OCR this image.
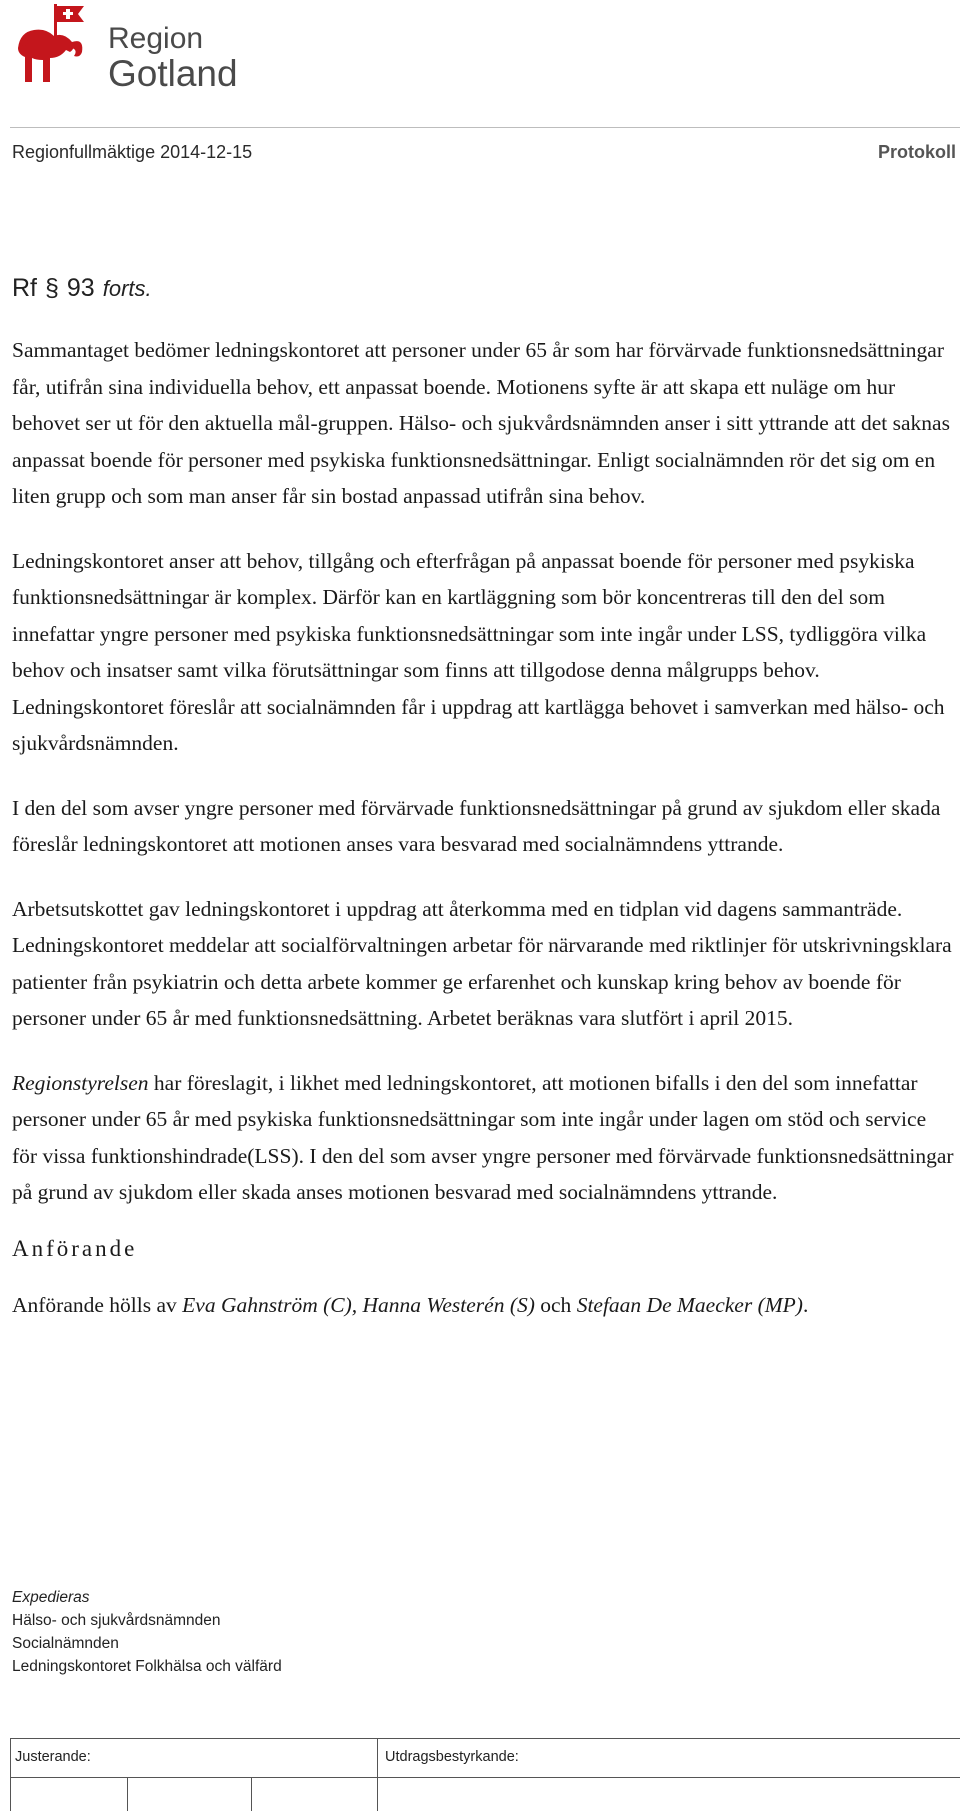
Region
Gotland
Regionfullmäktige 2014-12-15	Protokoll
Rf § 93 forts.

Sammantaget bedömer ledningskontoret att personer under 65 år som har förvärvade funktionsnedsättningar får, utifrån sina individuella behov, ett anpassat boende. Motionens syfte är att skapa ett nuläge om hur behovet ser ut för den aktuella mål-gruppen. Hälso- och sjukvårdsnämnden anser i sitt yttrande att det saknas anpassat boende för personer med psykiska funktionsnedsättningar. Enligt socialnämnden rör det sig om en liten grupp och som man anser får sin bostad anpassad utifrån sina behov.

Ledningskontoret anser att behov, tillgång och efterfrågan på anpassat boende för personer med psykiska funktionsnedsättningar är komplex. Därför kan en kartläggning som bör koncentreras till den del som innefattar yngre personer med psykiska funktionsnedsättningar som inte ingår under LSS, tydliggöra vilka behov och insatser samt vilka förutsättningar som finns att tillgodose denna målgrupps behov. Ledningskontoret föreslår att socialnämnden får i uppdrag att kartlägga behovet i samverkan med hälso- och sjukvårdsnämnden.

I den del som avser yngre personer med förvärvade funktionsnedsättningar på grund av sjukdom eller skada föreslår ledningskontoret att motionen anses vara besvarad med socialnämndens yttrande.

Arbetsutskottet gav ledningskontoret i uppdrag att återkomma med en tidplan vid dagens sammanträde. Ledningskontoret meddelar att socialförvaltningen arbetar för närvarande med riktlinjer för utskrivningsklara patienter från psykiatrin och detta arbete kommer ge erfarenhet och kunskap kring behov av boende för personer under 65 år med funktionsnedsättning. Arbetet beräknas vara slutfört i april 2015.

Regionstyrelsen har föreslagit, i likhet med ledningskontoret, att motionen bifalls i den del som innefattar personer under 65 år med psykiska funktionsnedsättningar som inte ingår under lagen om stöd och service för vissa funktionshindrade(LSS). I den del som avser yngre personer med förvärvade funktionsnedsättningar på grund av sjukdom eller skada anses motionen besvarad med socialnämndens yttrande.

Anförande

Anförande hölls av Eva Gahnström (C), Hanna Westerén (S) och Stefaan De Maecker (MP).

Expedieras
Hälso- och sjukvårdsnämnden
Socialnämnden
Ledningskontoret Folkhälsa och välfärd
Justerande:	Utdragsbestyrkande:
